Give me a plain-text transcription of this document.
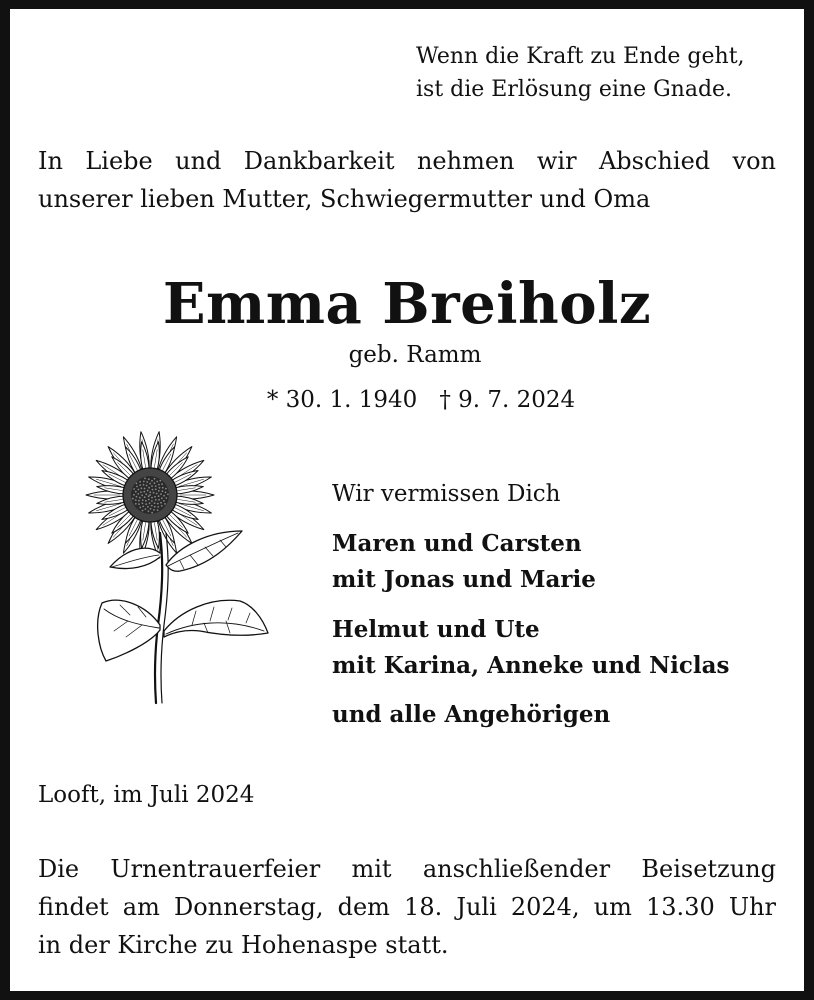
Wenn die Kraft zu Ende geht,
ist die Erlösung eine Gnade.
In Liebe und Dankbarkeit nehmen wir Abschied von
unserer lieben Mutter, Schwiegermutter und Oma
Emma Breiholz
geb. Ramm
* 30. 1. 1940 † 9. 7. 2024
Wir vermissen Dich
Maren und Carsten
mit Jonas und Marie
Helmut und Ute
mit Karina, Anneke und Niclas
und alle Angehörigen
Looft, im Juli 2024
Die Urnentrauerfeier mit anschließender Beisetzung
findet am Donnerstag, dem 18. Juli 2024, um 13.30 Uhr
in der Kirche zu Hohenaspe statt.
